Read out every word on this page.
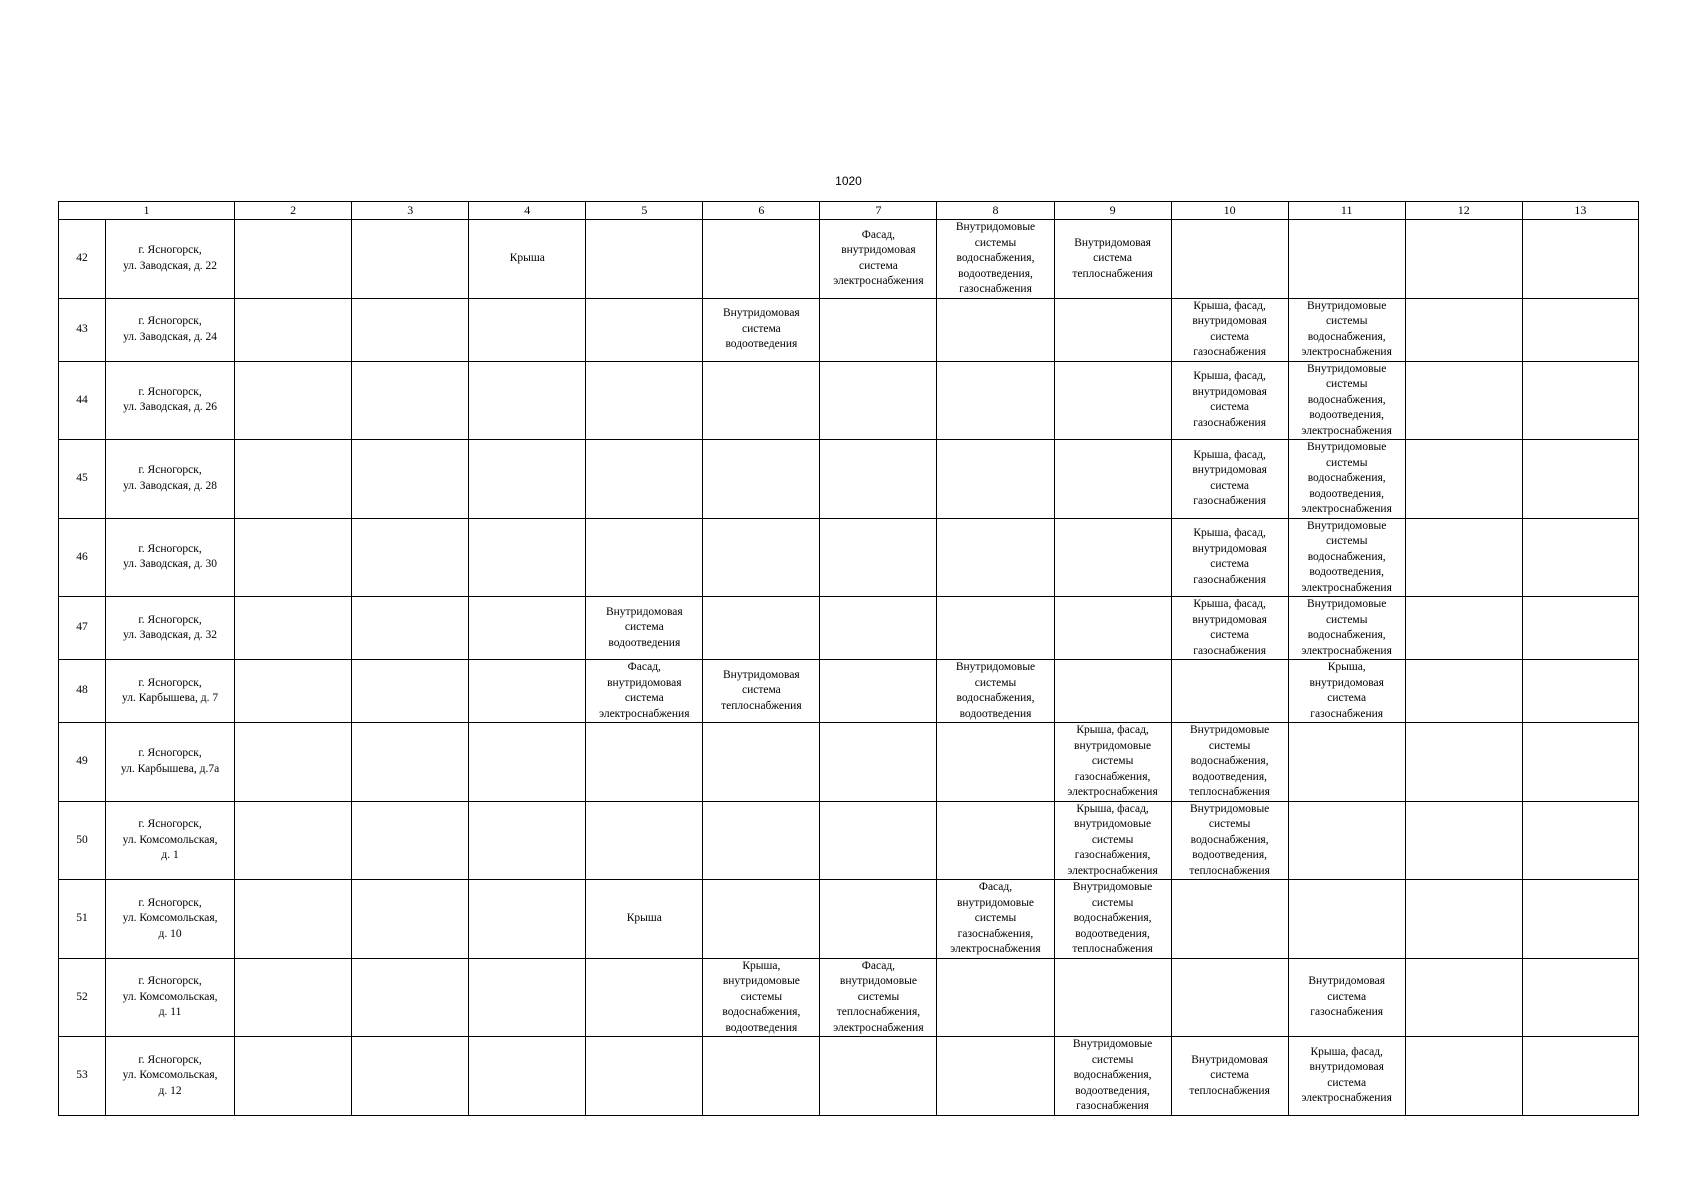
1020
1		2	3	4	5	6	7	8	9	10	11	12	13
42	г. Ясногорск,
ул. Заводская, д. 22			Крыша			Фасад,
внутридомовая
система
электроснабжения	Внутридомовые
системы
водоснабжения,
водоотведения,
газоснабжения	Внутридомовая
система
теплоснабжения				

43	г. Ясногорск,
ул. Заводская, д. 24					Внутридомовая
система
водоотведения				Крыша, фасад,
внутридомовая
система
газоснабжения	Внутридомовые
системы
водоснабжения,
электроснабжения		

44	г. Ясногорск,
ул. Заводская, д. 26									Крыша, фасад,
внутридомовая
система
газоснабжения	Внутридомовые
системы
водоснабжения,
водоотведения,
электроснабжения		

45	г. Ясногорск,
ул. Заводская, д. 28									Крыша, фасад,
внутридомовая
система
газоснабжения	Внутридомовые
системы
водоснабжения,
водоотведения,
электроснабжения		

46	г. Ясногорск,
ул. Заводская, д. 30									Крыша, фасад,
внутридомовая
система
газоснабжения	Внутридомовые
системы
водоснабжения,
водоотведения,
электроснабжения		

47	г. Ясногорск,
ул. Заводская, д. 32				Внутридомовая
система
водоотведения					Крыша, фасад,
внутридомовая
система
газоснабжения	Внутридомовые
системы
водоснабжения,
электроснабжения		

48	г. Ясногорск,
ул. Карбышева, д. 7				Фасад,
внутридомовая
система
электроснабжения	Внутридомовая
система
теплоснабжения		Внутридомовые
системы
водоснабжения,
водоотведения			Крыша,
внутридомовая
система
газоснабжения		

49	г. Ясногорск,
ул. Карбышева, д.7а								Крыша, фасад,
внутридомовые
системы
газоснабжения,
электроснабжения	Внутридомовые
системы
водоснабжения,
водоотведения,
теплоснабжения			

50	г. Ясногорск,
ул. Комсомольская,
д. 1								Крыша, фасад,
внутридомовые
системы
газоснабжения,
электроснабжения	Внутридомовые
системы
водоснабжения,
водоотведения,
теплоснабжения			

51	г. Ясногорск,
ул. Комсомольская,
д. 10				Крыша			Фасад,
внутридомовые
системы
газоснабжения,
электроснабжения	Внутридомовые
системы
водоснабжения,
водоотведения,
теплоснабжения				

52	г. Ясногорск,
ул. Комсомольская,
д. 11					Крыша,
внутридомовые
системы
водоснабжения,
водоотведения	Фасад,
внутридомовые
системы
теплоснабжения,
электроснабжения				Внутридомовая
система
газоснабжения		

53	г. Ясногорск,
ул. Комсомольская,
д. 12								Внутридомовые
системы
водоснабжения,
водоотведения,
газоснабжения	Внутридомовая
система
теплоснабжения	Крыша, фасад,
внутридомовая
система
электроснабжения		
